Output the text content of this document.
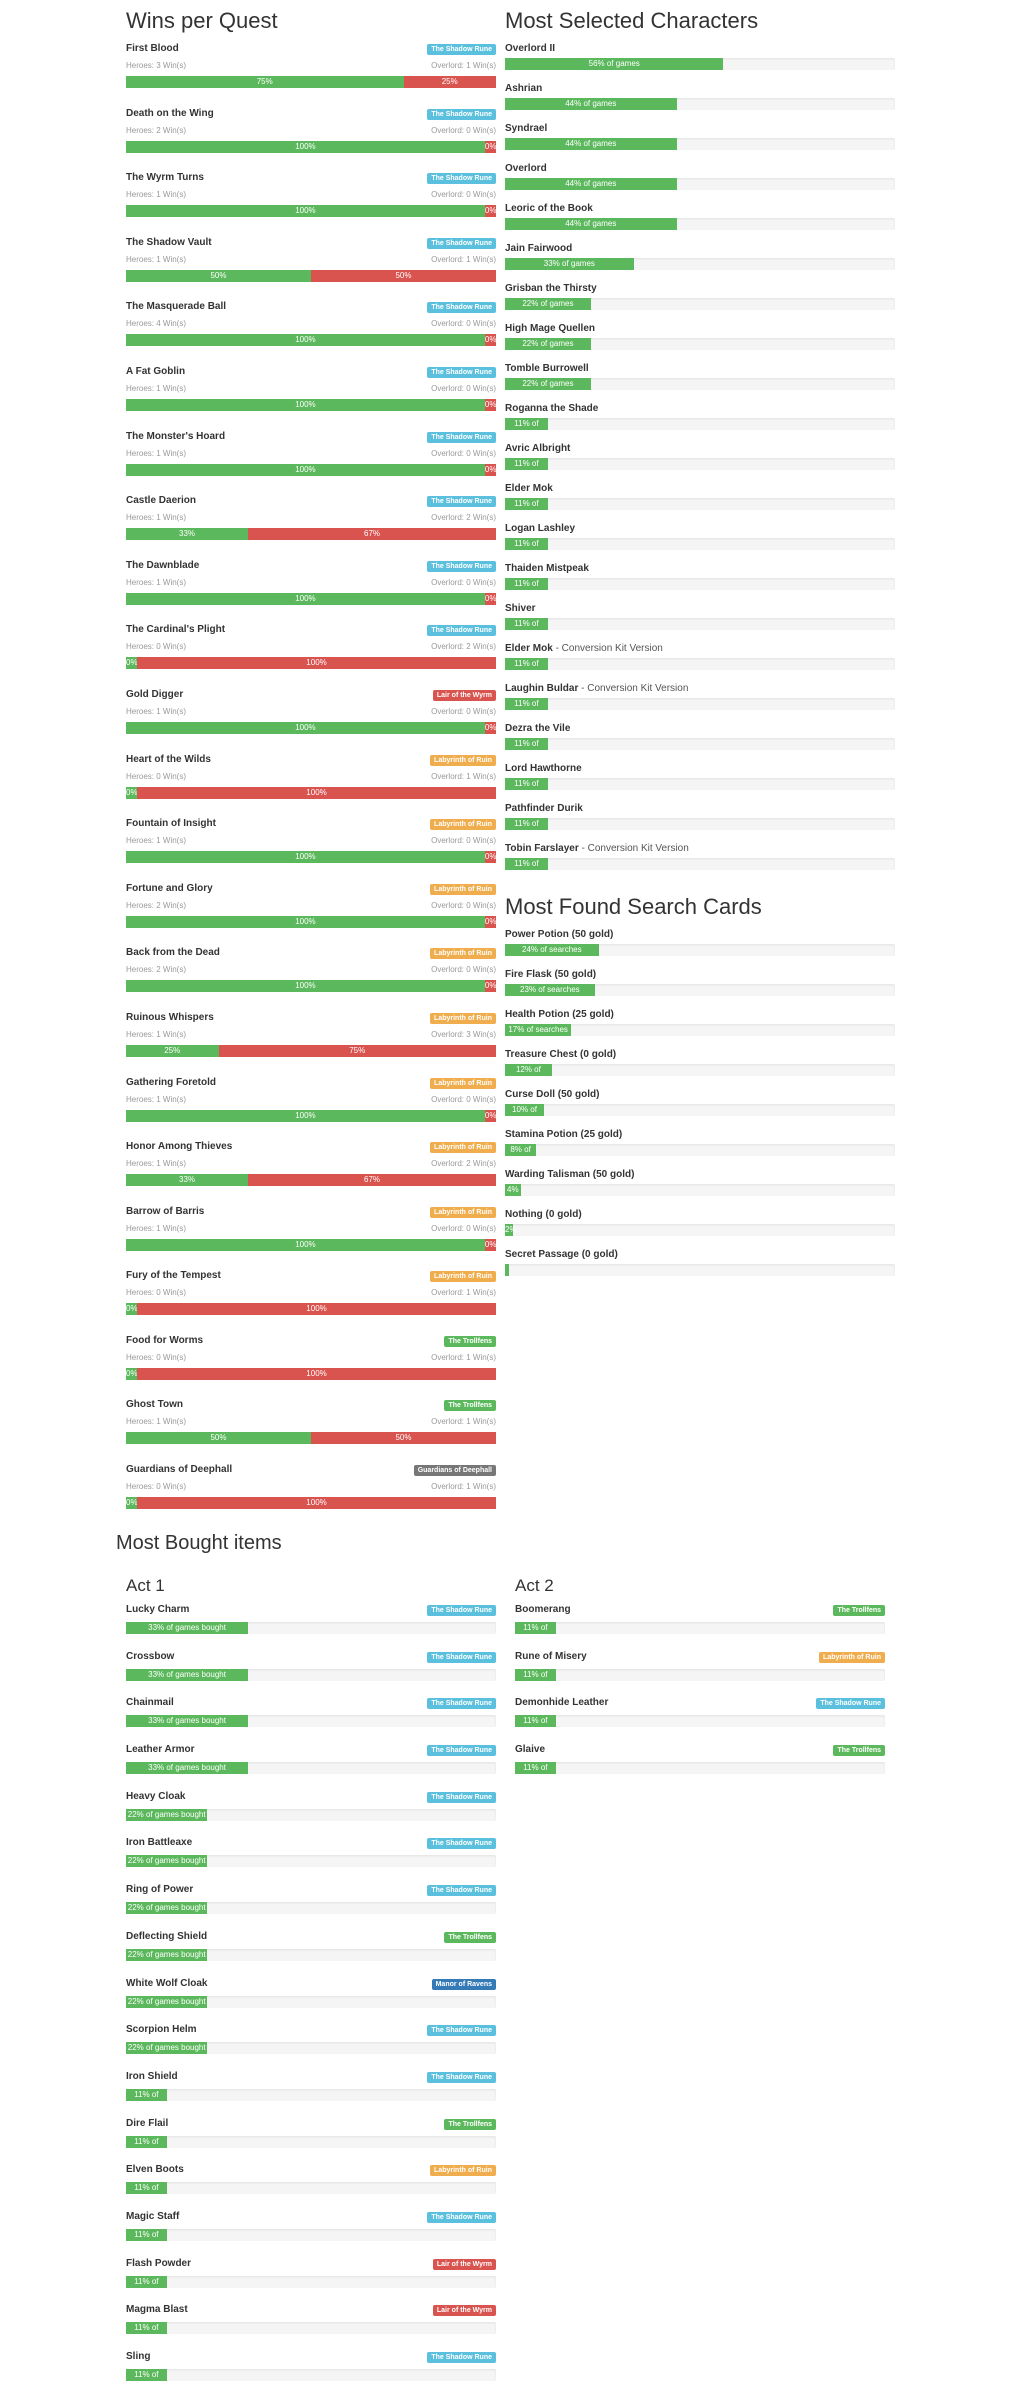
Wins per Quest
First Blood	The Shadow Rune
Heroes: 3 Win(s)	Overlord: 1 Win(s)
75%	25%
Death on the Wing	The Shadow Rune
Heroes: 2 Win(s)	Overlord: 0 Win(s)
100%	0%
The Wyrm Turns	The Shadow Rune
Heroes: 1 Win(s)	Overlord: 0 Win(s)
100%	0%
The Shadow Vault	The Shadow Rune
Heroes: 1 Win(s)	Overlord: 1 Win(s)
50%	50%
The Masquerade Ball	The Shadow Rune
Heroes: 4 Win(s)	Overlord: 0 Win(s)
100%	0%
A Fat Goblin	The Shadow Rune
Heroes: 1 Win(s)	Overlord: 0 Win(s)
100%	0%
The Monster's Hoard	The Shadow Rune
Heroes: 1 Win(s)	Overlord: 0 Win(s)
100%	0%
Castle Daerion	The Shadow Rune
Heroes: 1 Win(s)	Overlord: 2 Win(s)
33%	67%
The Dawnblade	The Shadow Rune
Heroes: 1 Win(s)	Overlord: 0 Win(s)
100%	0%
The Cardinal's Plight	The Shadow Rune
Heroes: 0 Win(s)	Overlord: 2 Win(s)
0%	100%
Gold Digger	Lair of the Wyrm
Heroes: 1 Win(s)	Overlord: 0 Win(s)
100%	0%
Heart of the Wilds	Labyrinth of Ruin
Heroes: 0 Win(s)	Overlord: 1 Win(s)
0%	100%
Fountain of Insight	Labyrinth of Ruin
Heroes: 1 Win(s)	Overlord: 0 Win(s)
100%	0%
Fortune and Glory	Labyrinth of Ruin
Heroes: 2 Win(s)	Overlord: 0 Win(s)
100%	0%
Back from the Dead	Labyrinth of Ruin
Heroes: 2 Win(s)	Overlord: 0 Win(s)
100%	0%
Ruinous Whispers	Labyrinth of Ruin
Heroes: 1 Win(s)	Overlord: 3 Win(s)
25%	75%
Gathering Foretold	Labyrinth of Ruin
Heroes: 1 Win(s)	Overlord: 0 Win(s)
100%	0%
Honor Among Thieves	Labyrinth of Ruin
Heroes: 1 Win(s)	Overlord: 2 Win(s)
33%	67%
Barrow of Barris	Labyrinth of Ruin
Heroes: 1 Win(s)	Overlord: 0 Win(s)
100%	0%
Fury of the Tempest	Labyrinth of Ruin
Heroes: 0 Win(s)	Overlord: 1 Win(s)
0%	100%
Food for Worms	The Trollfens
Heroes: 0 Win(s)	Overlord: 1 Win(s)
0%	100%
Ghost Town	The Trollfens
Heroes: 1 Win(s)	Overlord: 1 Win(s)
50%	50%
Guardians of Deephall	Guardians of Deephall
Heroes: 0 Win(s)	Overlord: 1 Win(s)
0%	100%
Most Selected Characters
Overlord II
56% of games
Ashrian
44% of games
Syndrael
44% of games
Overlord
44% of games
Leoric of the Book
44% of games
Jain Fairwood
33% of games
Grisban the Thirsty
22% of games
High Mage Quellen
22% of games
Tomble Burrowell
22% of games
Roganna the Shade
11% of
Avric Albright
11% of
Elder Mok
11% of
Logan Lashley
11% of
Thaiden Mistpeak
11% of
Shiver
11% of
Elder Mok - Conversion Kit Version
11% of
Laughin Buldar - Conversion Kit Version
11% of
Dezra the Vile
11% of
Lord Hawthorne
11% of
Pathfinder Durik
11% of
Tobin Farslayer - Conversion Kit Version
11% of
Most Found Search Cards
Power Potion (50 gold)
24% of searches
Fire Flask (50 gold)
23% of searches
Health Potion (25 gold)
17% of searches
Treasure Chest (0 gold)
12% of
Curse Doll (50 gold)
10% of
Stamina Potion (25 gold)
8% of
Warding Talisman (50 gold)
4%
Nothing (0 gold)
2%
Secret Passage (0 gold)
Most Bought items
Act 1
Lucky Charm	The Shadow Rune
33% of games bought
Crossbow	The Shadow Rune
33% of games bought
Chainmail	The Shadow Rune
33% of games bought
Leather Armor	The Shadow Rune
33% of games bought
Heavy Cloak	The Shadow Rune
22% of games bought
Iron Battleaxe	The Shadow Rune
22% of games bought
Ring of Power	The Shadow Rune
22% of games bought
Deflecting Shield	The Trollfens
22% of games bought
White Wolf Cloak	Manor of Ravens
22% of games bought
Scorpion Helm	The Shadow Rune
22% of games bought
Iron Shield	The Shadow Rune
11% of
Dire Flail	The Trollfens
11% of
Elven Boots	Labyrinth of Ruin
11% of
Magic Staff	The Shadow Rune
11% of
Flash Powder	Lair of the Wyrm
11% of
Magma Blast	Lair of the Wyrm
11% of
Sling	The Shadow Rune
11% of
Act 2
Boomerang	The Trollfens
11% of
Rune of Misery	Labyrinth of Ruin
11% of
Demonhide Leather	The Shadow Rune
11% of
Glaive	The Trollfens
11% of
